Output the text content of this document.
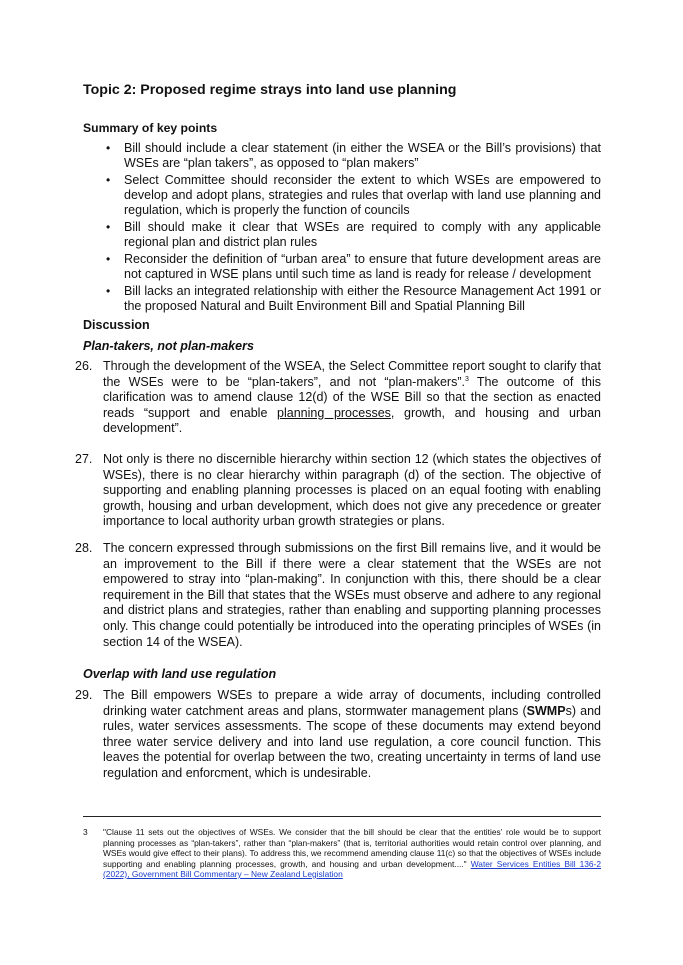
Topic 2: Proposed regime strays into land use planning
Summary of key points
• Bill should include a clear statement (in either the WSEA or the Bill’s provisions) that WSEs are “plan takers”, as opposed to “plan makers”
• Select Committee should reconsider the extent to which WSEs are empowered to develop and adopt plans, strategies and rules that overlap with land use planning and regulation, which is properly the function of councils
• Bill should make it clear that WSEs are required to comply with any applicable regional plan and district plan rules
• Reconsider the definition of “urban area” to ensure that future development areas are not captured in WSE plans until such time as land is ready for release / development
• Bill lacks an integrated relationship with either the Resource Management Act 1991 or the proposed Natural and Built Environment Bill and Spatial Planning Bill
Discussion
Plan-takers, not plan-makers
26. Through the development of the WSEA, the Select Committee report sought to clarify that the WSEs were to be “plan-takers”, and not “plan-makers”.$^3$ The outcome of this clarification was to amend clause 12(d) of the WSE Bill so that the section as enacted reads “support and enable planning processes, growth, and housing and urban development”.
27. Not only is there no discernible hierarchy within section 12 (which states the objectives of WSEs), there is no clear hierarchy within paragraph (d) of the section. The objective of supporting and enabling planning processes is placed on an equal footing with enabling growth, housing and urban development, which does not give any precedence or greater importance to local authority urban growth strategies or plans.
28. The concern expressed through submissions on the first Bill remains live, and it would be an improvement to the Bill if there were a clear statement that the WSEs are not empowered to stray into “plan-making”. In conjunction with this, there should be a clear requirement in the Bill that states that the WSEs must observe and adhere to any regional and district plans and strategies, rather than enabling and supporting planning processes only. This change could potentially be introduced into the operating principles of WSEs (in section 14 of the WSEA).
Overlap with land use regulation
29. The Bill empowers WSEs to prepare a wide array of documents, including controlled drinking water catchment areas and plans, stormwater management plans (SWMPs) and rules, water services assessments. The scope of these documents may extend beyond three water service delivery and into land use regulation, a core council function. This leaves the potential for overlap between the two, creating uncertainty in terms of land use regulation and enforcment, which is undesirable.
3 "Clause 11 sets out the objectives of WSEs. We consider that the bill should be clear that the entities’ role would be to support planning processes as “plan-takers”, rather than “plan-makers” (that is, territorial authorities would retain control over planning, and WSEs would give effect to their plans). To address this, we recommend amending clause 11(c) so that the objectives of WSEs include supporting and enabling planning processes, growth, and housing and urban development...." Water Services Entities Bill 136-2 (2022), Government Bill Commentary – New Zealand Legislation
